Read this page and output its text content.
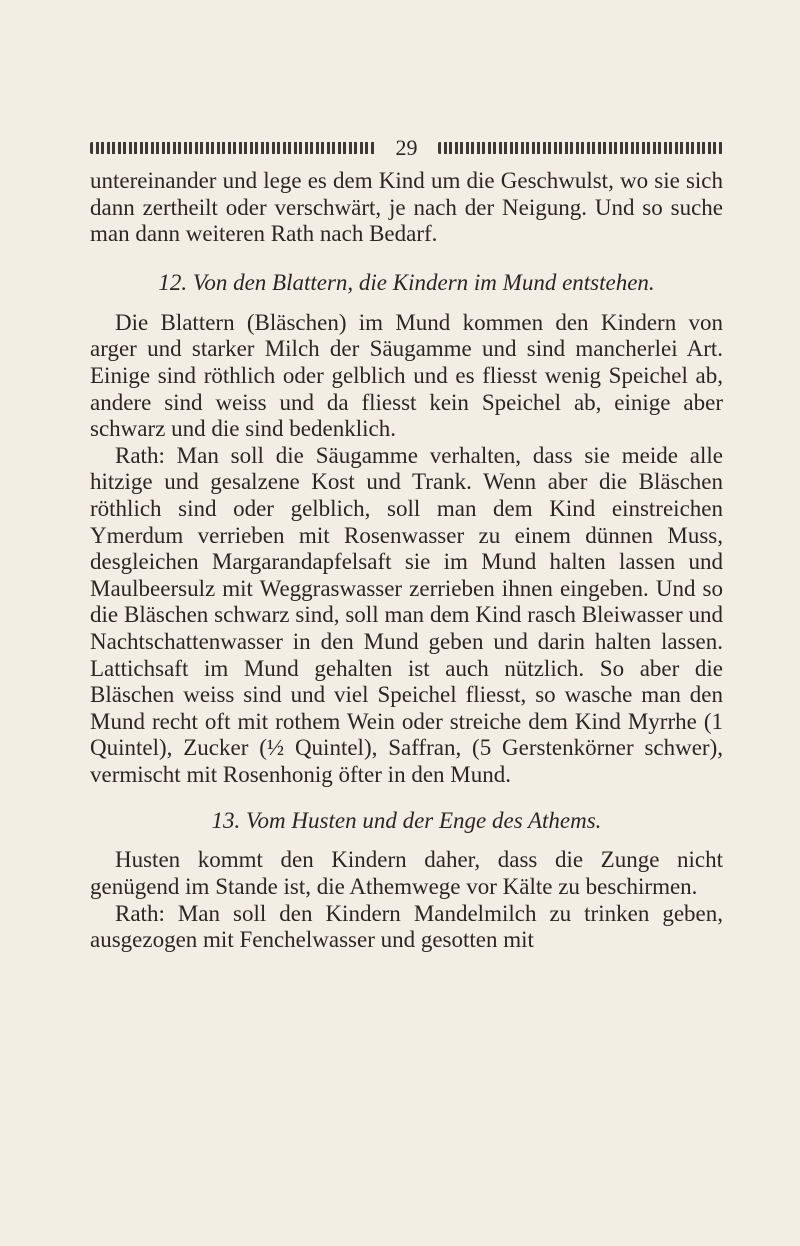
29

untereinander und lege es dem Kind um die Geschwulst, wo sie sich dann zertheilt oder verschwärt, je nach der Neigung. Und so suche man dann weiteren Rath nach Bedarf.

12. Von den Blattern, die Kindern im Mund entstehen.

Die Blattern (Bläschen) im Mund kommen den Kindern von arger und starker Milch der Säugamme und sind mancherlei Art. Einige sind röthlich oder gelblich und es fliesst wenig Speichel ab, andere sind weiss und da fliesst kein Speichel ab, einige aber schwarz und die sind bedenklich.

Rath: Man soll die Säugamme verhalten, dass sie meide alle hitzige und gesalzene Kost und Trank. Wenn aber die Bläschen röthlich sind oder gelblich, soll man dem Kind einstreichen Ymerdum verrieben mit Rosenwasser zu einem dünnen Muss, desgleichen Margarandapfelsaft sie im Mund halten lassen und Maulbeersulz mit Weggraswasser zerrieben ihnen eingeben. Und so die Bläschen schwarz sind, soll man dem Kind rasch Bleiwasser und Nachtschattenwasser in den Mund geben und darin halten lassen. Lattichsaft im Mund gehalten ist auch nützlich. So aber die Bläschen weiss sind und viel Speichel fliesst, so wasche man den Mund recht oft mit rothem Wein oder streiche dem Kind Myrrhe (1 Quintel), Zucker (½ Quintel), Saffran, (5 Gerstenkörner schwer), vermischt mit Rosenhonig öfter in den Mund.

13. Vom Husten und der Enge des Athems.

Husten kommt den Kindern daher, dass die Zunge nicht genügend im Stande ist, die Athemwege vor Kälte zu beschirmen.

Rath: Man soll den Kindern Mandelmilch zu trinken geben, ausgezogen mit Fenchelwasser und gesotten mit
